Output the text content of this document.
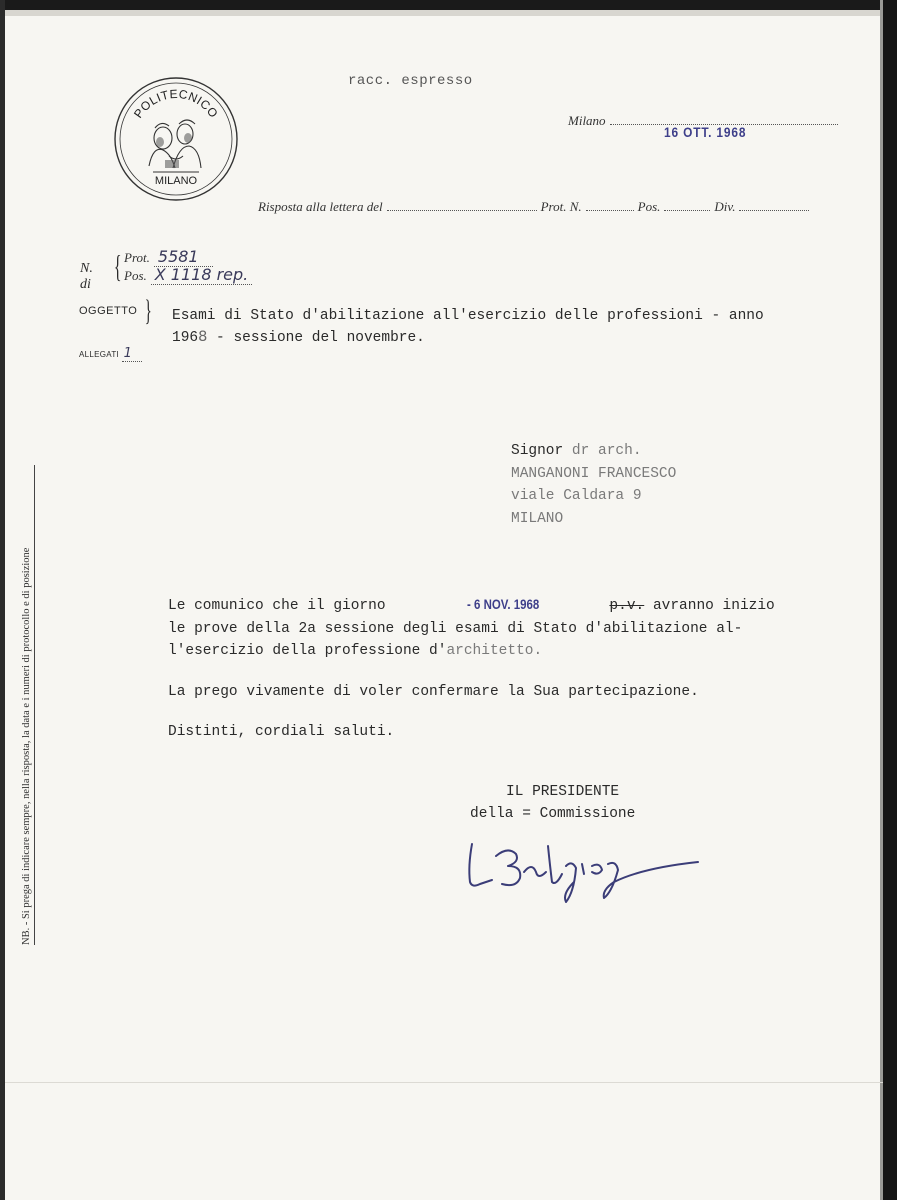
POLITECNICO
MILANO
racc. espresso
Milano
16 OTT. 1968
Risposta alla lettera del	Prot. N.	Pos.	Div.
N. di
{ Prot. 5581
Pos. X 1118 rep.
OGGETTO } Esami di Stato d'abilitazione all'esercizio delle professioni - anno
1968 - sessione del novembre.
ALLEGATI 1
Signor dr arch.
MANGANONI FRANCESCO
viale Caldara 9
MILANO

Le comunico che il giorno	- 6 NOV. 1968	p.v. avranno inizio
le prove della 2a sessione degli esami di Stato d'abilitazione al-
l'esercizio della professione d'architetto.

La prego vivamente di voler confermare la Sua partecipazione.

Distinti, cordiali saluti.

IL PRESIDENTE
della = Commissione
NB. - Si prega di indicare sempre, nella risposta, la data e i numeri di protocollo e di posizione
